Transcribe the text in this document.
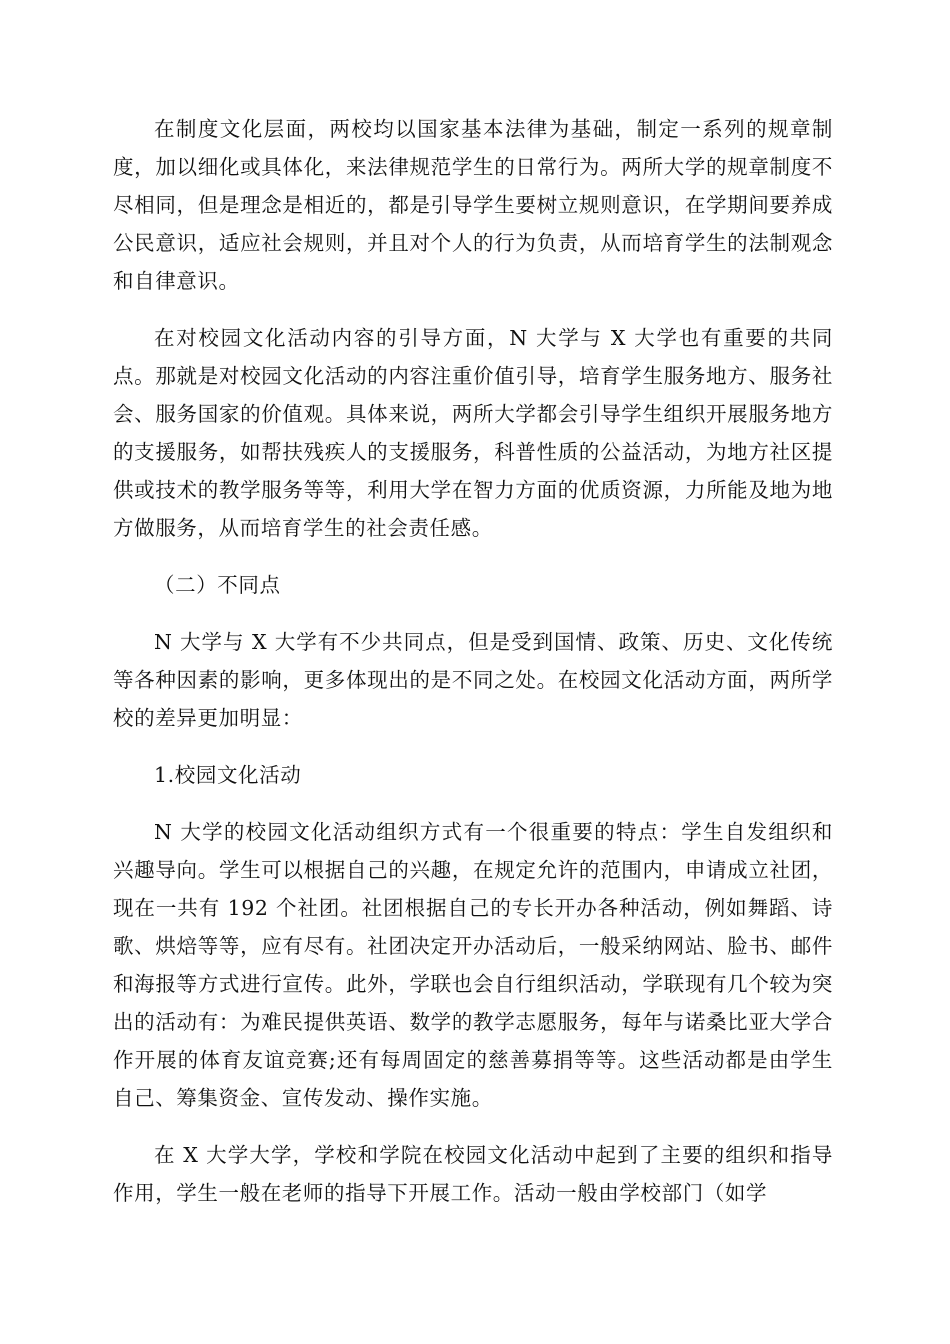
在制度文化层面，两校均以国家基本法律为基础，制定一系列的规章制度，加以细化或具体化，来法律规范学生的日常行为。两所大学的规章制度不尽相同，但是理念是相近的，都是引导学生要树立规则意识，在学期间要养成公民意识，适应社会规则，并且对个人的行为负责，从而培育学生的法制观念和自律意识。

在对校园文化活动内容的引导方面，N 大学与 X 大学也有重要的共同点。那就是对校园文化活动的内容注重价值引导，培育学生服务地方、服务社会、服务国家的价值观。具体来说，两所大学都会引导学生组织开展服务地方的支援服务，如帮扶残疾人的支援服务，科普性质的公益活动，为地方社区提供或技术的教学服务等等，利用大学在智力方面的优质资源，力所能及地为地方做服务，从而培育学生的社会责任感。

（二）不同点

N 大学与 X 大学有不少共同点，但是受到国情、政策、历史、文化传统等各种因素的影响，更多体现出的是不同之处。在校园文化活动方面，两所学校的差异更加明显：

1.校园文化活动

N 大学的校园文化活动组织方式有一个很重要的特点：学生自发组织和兴趣导向。学生可以根据自己的兴趣，在规定允许的范围内，申请成立社团，现在一共有 192 个社团。社团根据自己的专长开办各种活动，例如舞蹈、诗歌、烘焙等等，应有尽有。社团决定开办活动后，一般采纳网站、脸书、邮件和海报等方式进行宣传。此外，学联也会自行组织活动，学联现有几个较为突出的活动有：为难民提供英语、数学的教学志愿服务，每年与诺桑比亚大学合作开展的体育友谊竞赛;还有每周固定的慈善募捐等等。这些活动都是由学生自己、筹集资金、宣传发动、操作实施。

在 X 大学大学，学校和学院在校园文化活动中起到了主要的组织和指导作用，学生一般在老师的指导下开展工作。活动一般由学校部门（如学
